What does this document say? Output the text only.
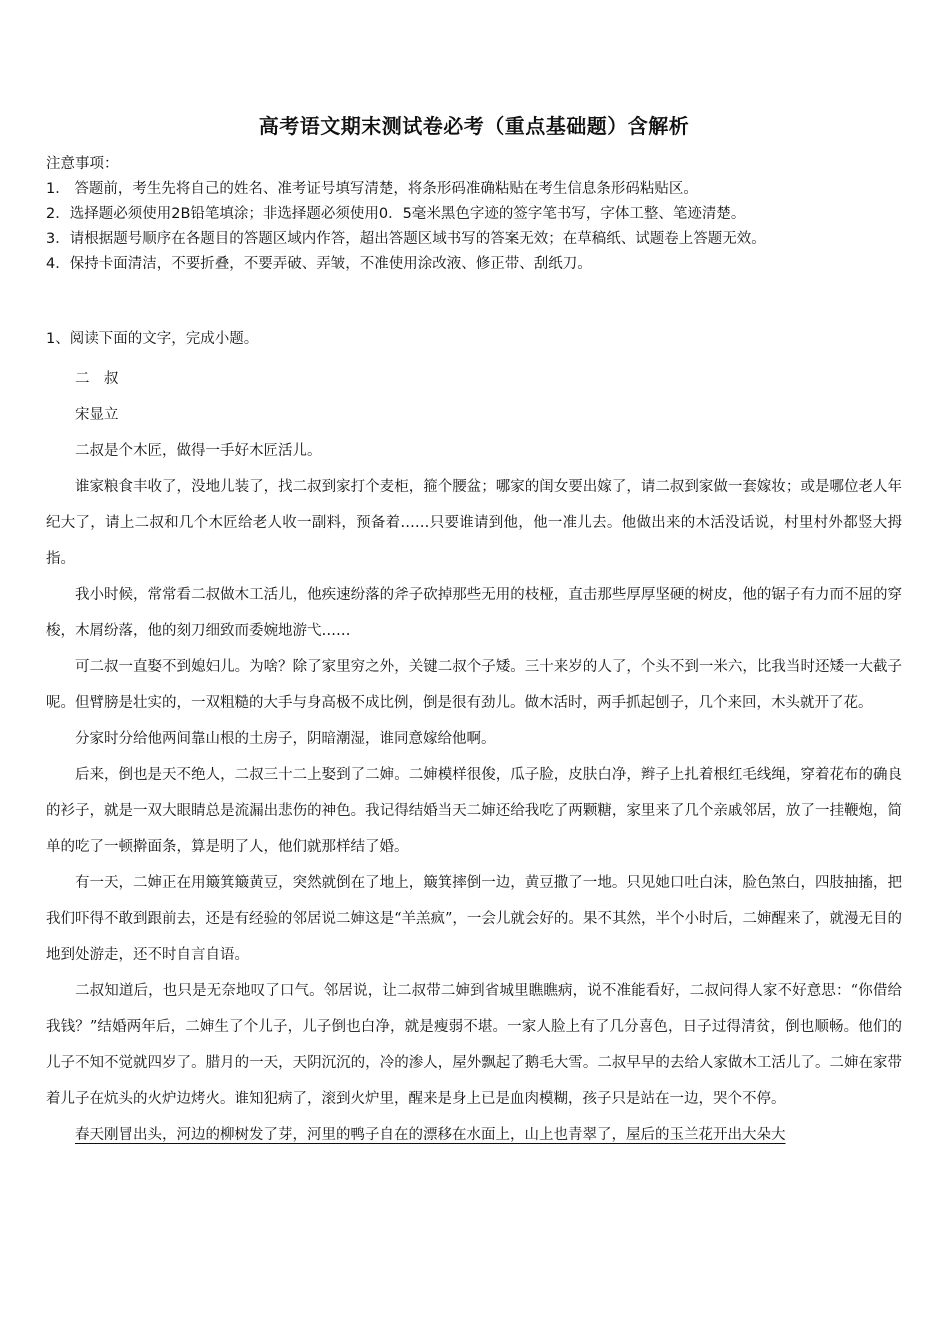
高考语文期末测试卷必考（重点基础题）含解析
注意事项：
1． 答题前，考生先将自己的姓名、准考证号填写清楚，将条形码准确粘贴在考生信息条形码粘贴区。
2．选择题必须使用2B铅笔填涂；非选择题必须使用0．5毫米黑色字迹的签字笔书写，字体工整、笔迹清楚。
3．请根据题号顺序在各题目的答题区域内作答，超出答题区域书写的答案无效；在草稿纸、试题卷上答题无效。
4．保持卡面清洁，不要折叠，不要弄破、弄皱，不准使用涂改液、修正带、刮纸刀。
1、阅读下面的文字，完成小题。

二　叔

宋显立

二叔是个木匠，做得一手好木匠活儿。

谁家粮食丰收了，没地儿装了，找二叔到家打个麦柜，箍个腰盆；哪家的闺女要出嫁了，请二叔到家做一套嫁妆；或是哪位老人年纪大了，请上二叔和几个木匠给老人收一副料，预备着……只要谁请到他，他一准儿去。他做出来的木活没话说，村里村外都竖大拇指。

我小时候，常常看二叔做木工活儿，他疾速纷落的斧子砍掉那些无用的枝桠，直击那些厚厚坚硬的树皮，他的锯子有力而不屈的穿梭，木屑纷落，他的刻刀细致而委婉地游弋……

可二叔一直娶不到媳妇儿。为啥？除了家里穷之外，关键二叔个子矮。三十来岁的人了，个头不到一米六，比我当时还矮一大截子呢。但臂膀是壮实的，一双粗糙的大手与身高极不成比例，倒是很有劲儿。做木活时，两手抓起刨子，几个来回，木头就开了花。

分家时分给他两间靠山根的土房子，阴暗潮湿，谁同意嫁给他啊。

后来，倒也是天不绝人，二叔三十二上娶到了二婶。二婶模样很俊，瓜子脸，皮肤白净，辫子上扎着根红毛线绳，穿着花布的确良的衫子，就是一双大眼睛总是流漏出悲伤的神色。我记得结婚当天二婶还给我吃了两颗糖，家里来了几个亲戚邻居，放了一挂鞭炮，简单的吃了一顿擀面条，算是明了人，他们就那样结了婚。

有一天，二婶正在用簸箕簸黄豆，突然就倒在了地上，簸箕摔倒一边，黄豆撒了一地。只见她口吐白沫，脸色煞白，四肢抽搐，把我们吓得不敢到跟前去，还是有经验的邻居说二婶这是“羊羔疯”，一会儿就会好的。果不其然，半个小时后，二婶醒来了，就漫无目的地到处游走，还不时自言自语。

二叔知道后，也只是无奈地叹了口气。邻居说，让二叔带二婶到省城里瞧瞧病，说不准能看好，二叔问得人家不好意思：“你借给我钱？”结婚两年后，二婶生了个儿子，儿子倒也白净，就是瘦弱不堪。一家人脸上有了几分喜色，日子过得清贫，倒也顺畅。他们的儿子不知不觉就四岁了。腊月的一天，天阴沉沉的，冷的渗人，屋外飘起了鹅毛大雪。二叔早早的去给人家做木工活儿了。二婶在家带着儿子在炕头的火炉边烤火。谁知犯病了，滚到火炉里，醒来是身上已是血肉模糊，孩子只是站在一边，哭个不停。

春天刚冒出头，河边的柳树发了芽，河里的鸭子自在的漂移在水面上，山上也青翠了，屋后的玉兰花开出大朵大
